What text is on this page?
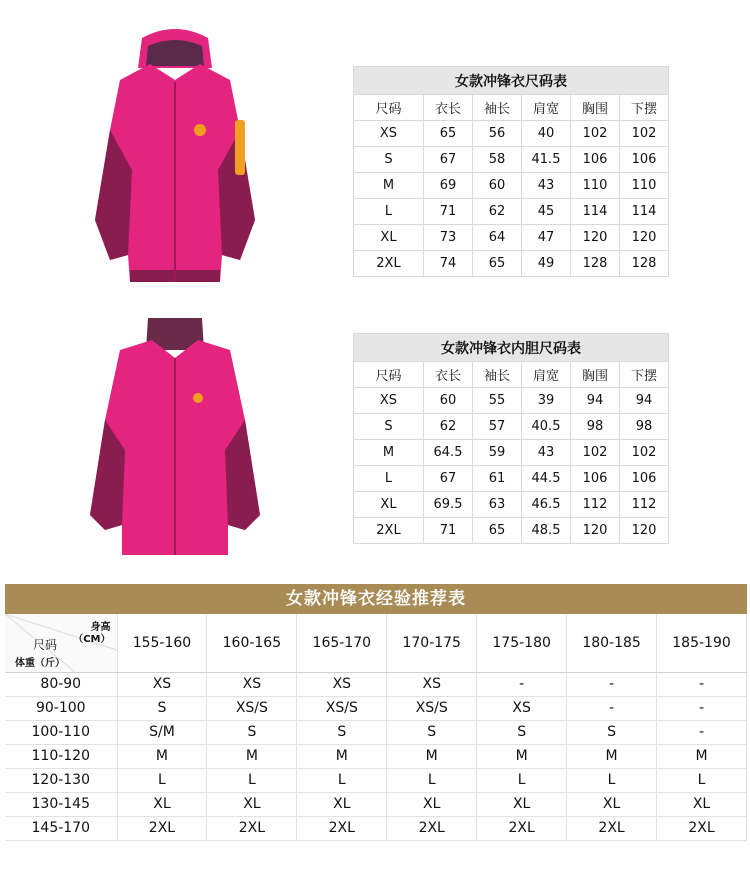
女款冲锋衣尺码表					
尺码	衣长	袖长	肩宽	胸围	下摆
XS	65	56	40	102	102
S	67	58	41.5	106	106
M	69	60	43	110	110
L	71	62	45	114	114
XL	73	64	47	120	120
2XL	74	65	49	128	128
女款冲锋衣内胆尺码表					
尺码	衣长	袖长	肩宽	胸围	下摆
XS	60	55	39	94	94
S	62	57	40.5	98	98
M	64.5	59	43	102	102
L	67	61	44.5	106	106
XL	69.5	63	46.5	112	112
2XL	71	65	48.5	120	120
女款冲锋衣经验推荐表
身高
（CM）
尺码
体重（斤）	155-160	160-165	165-170	170-175	175-180	180-185	185-190
80-90	XS	XS	XS	XS	-	-	-
90-100	S	XS/S	XS/S	XS/S	XS	-	-
100-110	S/M	S	S	S	S	S	-
110-120	M	M	M	M	M	M	M
120-130	L	L	L	L	L	L	L
130-145	XL	XL	XL	XL	XL	XL	XL
145-170	2XL	2XL	2XL	2XL	2XL	2XL	2XL
